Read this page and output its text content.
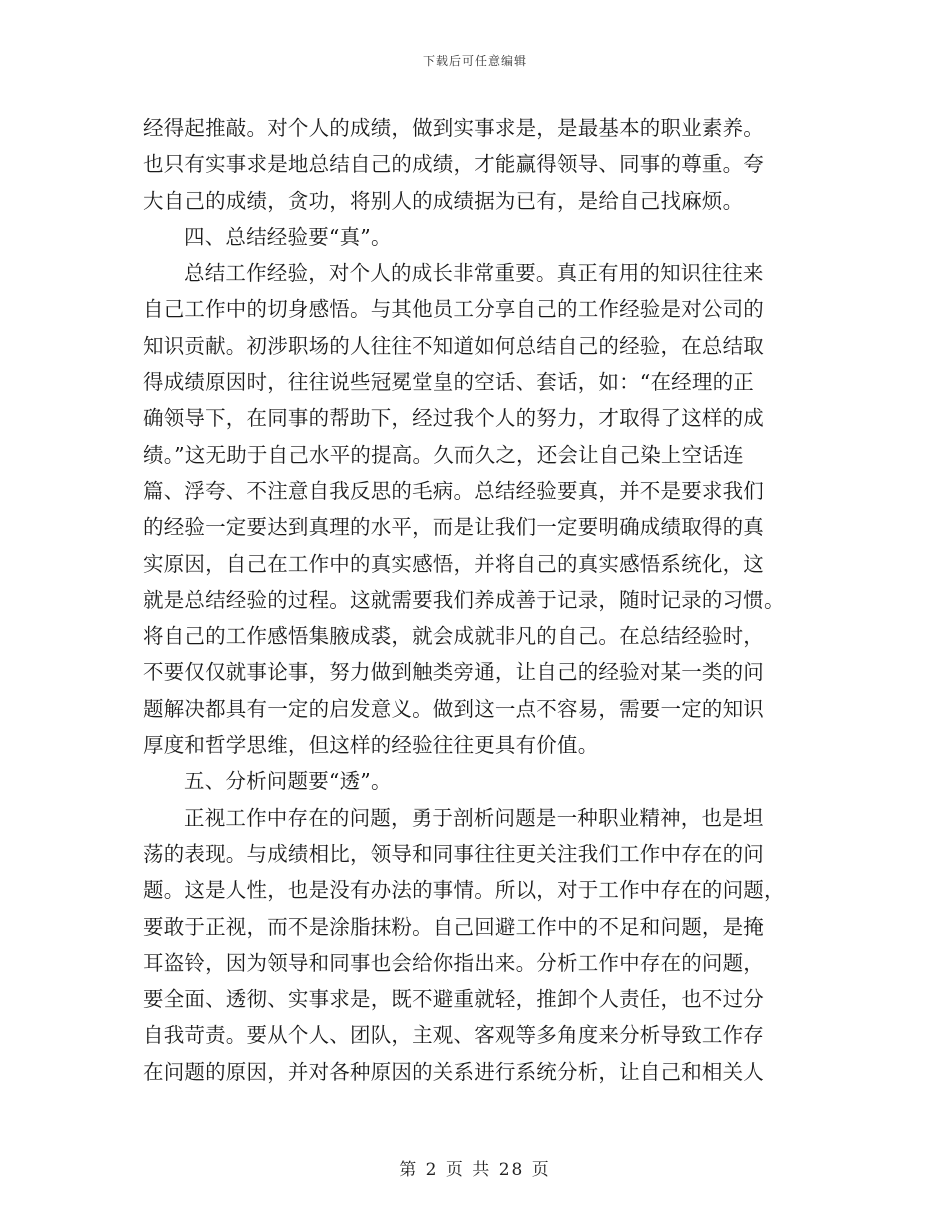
下载后可任意编辑
经得起推敲。对个人的成绩，做到实事求是，是最基本的职业素养。
也只有实事求是地总结自己的成绩，才能赢得领导、同事的尊重。夸
大自己的成绩，贪功，将别人的成绩据为已有，是给自己找麻烦。
四、总结经验要“真”。
总结工作经验，对个人的成长非常重要。真正有用的知识往往来
自己工作中的切身感悟。与其他员工分享自己的工作经验是对公司的
知识贡献。初涉职场的人往往不知道如何总结自己的经验，在总结取
得成绩原因时，往往说些冠冕堂皇的空话、套话，如：“在经理的正
确领导下，在同事的帮助下，经过我个人的努力，才取得了这样的成
绩。”这无助于自己水平的提高。久而久之，还会让自己染上空话连
篇、浮夸、不注意自我反思的毛病。总结经验要真，并不是要求我们
的经验一定要达到真理的水平，而是让我们一定要明确成绩取得的真
实原因，自己在工作中的真实感悟，并将自己的真实感悟系统化，这
就是总结经验的过程。这就需要我们养成善于记录，随时记录的习惯。
将自己的工作感悟集腋成裘，就会成就非凡的自己。在总结经验时，
不要仅仅就事论事，努力做到触类旁通，让自己的经验对某一类的问
题解决都具有一定的启发意义。做到这一点不容易，需要一定的知识
厚度和哲学思维，但这样的经验往往更具有价值。
五、分析问题要“透”。
正视工作中存在的问题，勇于剖析问题是一种职业精神，也是坦
荡的表现。与成绩相比，领导和同事往往更关注我们工作中存在的问
题。这是人性，也是没有办法的事情。所以，对于工作中存在的问题，
要敢于正视，而不是涂脂抹粉。自己回避工作中的不足和问题，是掩
耳盗铃，因为领导和同事也会给你指出来。分析工作中存在的问题，
要全面、透彻、实事求是，既不避重就轻，推卸个人责任，也不过分
自我苛责。要从个人、团队，主观、客观等多角度来分析导致工作存
在问题的原因，并对各种原因的关系进行系统分析，让自己和相关人
第 2 页 共 28 页
